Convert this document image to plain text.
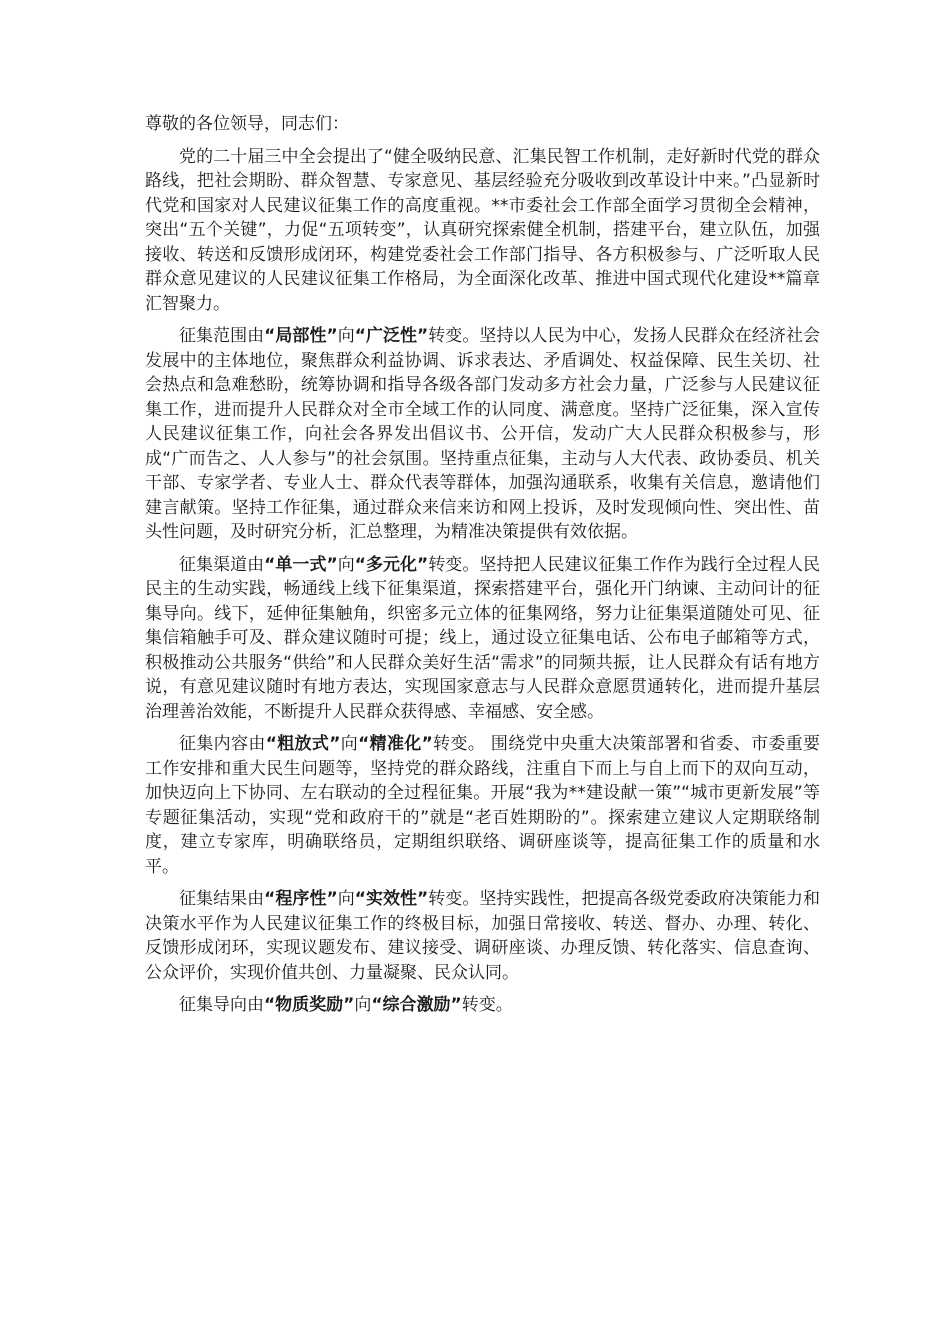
尊敬的各位领导，同志们：

党的二十届三中全会提出了“健全吸纳民意、汇集民智工作机制，走好新时代党的群众路线，把社会期盼、群众智慧、专家意见、基层经验充分吸收到改革设计中来。”凸显新时代党和国家对人民建议征集工作的高度重视。**市委社会工作部全面学习贯彻全会精神，突出“五个关键”，力促“五项转变”，认真研究探索健全机制，搭建平台，建立队伍，加强接收、转送和反馈形成闭环，构建党委社会工作部门指导、各方积极参与、广泛听取人民群众意见建议的人民建议征集工作格局，为全面深化改革、推进中国式现代化建设**篇章汇智聚力。

征集范围由“局部性”向“广泛性”转变。坚持以人民为中心，发扬人民群众在经济社会发展中的主体地位，聚焦群众利益协调、诉求表达、矛盾调处、权益保障、民生关切、社会热点和急难愁盼，统筹协调和指导各级各部门发动多方社会力量，广泛参与人民建议征集工作，进而提升人民群众对全市全域工作的认同度、满意度。坚持广泛征集，深入宣传人民建议征集工作，向社会各界发出倡议书、公开信，发动广大人民群众积极参与，形成“广而告之、人人参与”的社会氛围。坚持重点征集，主动与人大代表、政协委员、机关干部、专家学者、专业人士、群众代表等群体，加强沟通联系，收集有关信息，邀请他们建言献策。坚持工作征集，通过群众来信来访和网上投诉，及时发现倾向性、突出性、苗头性问题，及时研究分析，汇总整理，为精准决策提供有效依据。

征集渠道由“单一式”向“多元化”转变。坚持把人民建议征集工作作为践行全过程人民民主的生动实践，畅通线上线下征集渠道，探索搭建平台，强化开门纳谏、主动问计的征集导向。线下，延伸征集触角，织密多元立体的征集网络，努力让征集渠道随处可见、征集信箱触手可及、群众建议随时可提；线上，通过设立征集电话、公布电子邮箱等方式，积极推动公共服务“供给”和人民群众美好生活“需求”的同频共振，让人民群众有话有地方说，有意见建议随时有地方表达，实现国家意志与人民群众意愿贯通转化，进而提升基层治理善治效能，不断提升人民群众获得感、幸福感、安全感。

征集内容由“粗放式”向“精准化”转变。 围绕党中央重大决策部署和省委、市委重要工作安排和重大民生问题等，坚持党的群众路线，注重自下而上与自上而下的双向互动，加快迈向上下协同、左右联动的全过程征集。开展“我为**建设献一策”“城市更新发展”等专题征集活动，实现“党和政府干的”就是“老百姓期盼的”。探索建立建议人定期联络制度，建立专家库，明确联络员，定期组织联络、调研座谈等，提高征集工作的质量和水平。

征集结果由“程序性”向“实效性”转变。坚持实践性，把提高各级党委政府决策能力和决策水平作为人民建议征集工作的终极目标，加强日常接收、转送、督办、办理、转化、反馈形成闭环，实现议题发布、建议接受、调研座谈、办理反馈、转化落实、信息查询、公众评价，实现价值共创、力量凝聚、民众认同。

征集导向由“物质奖励”向“综合激励”转变。
